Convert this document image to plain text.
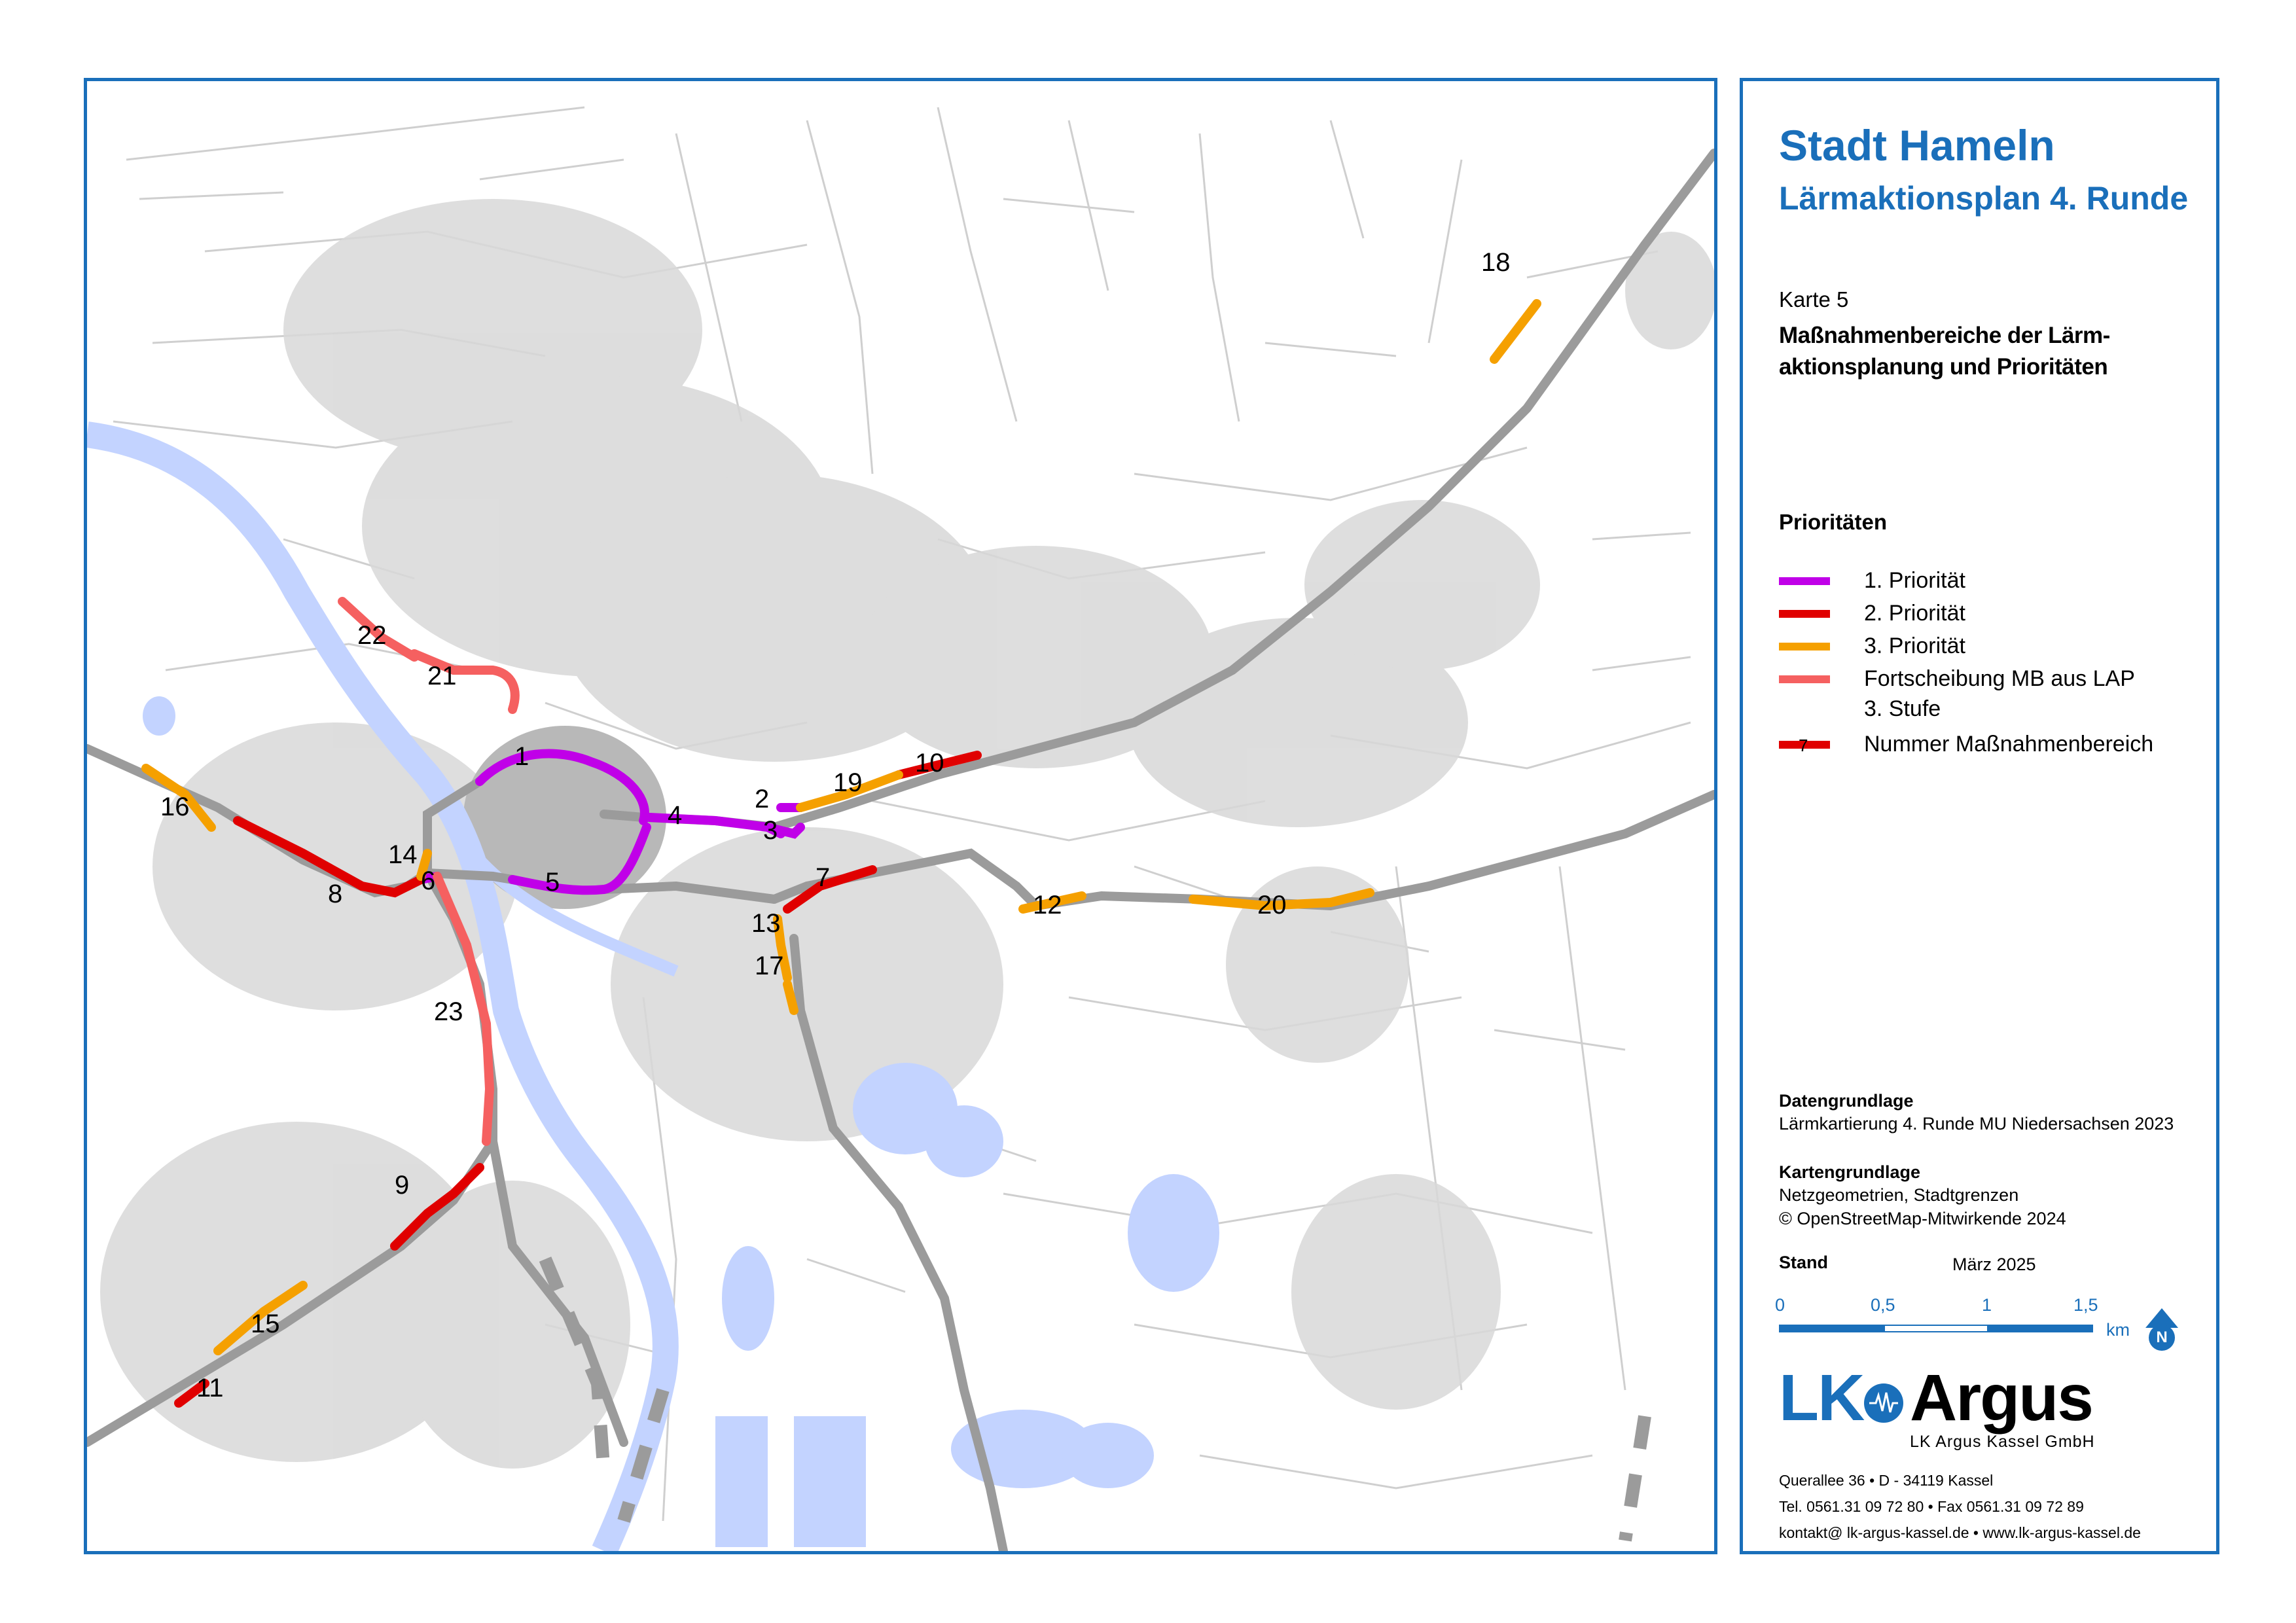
1
2
3
4
5
6	7
8
9
10
11
12
13
14
15
16
17
18
19
20
21
22
23
Stadt Hameln
Lärmaktionsplan 4. Runde
Karte 5
Maßnahmenbereiche der Lärm-aktionsplanung und Prioritäten
Prioritäten
1. Priorität
2. Priorität
3. Priorität
Fortscheibung MB aus LAP
3. Stufe
7	Nummer Maßnahmenbereich
Datengrundlage
Lärmkartierung 4. Runde MU Niedersachsen 2023
Kartengrundlage
Netzgeometrien, Stadtgrenzen
© OpenStreetMap-Mitwirkende 2024
Stand	März 2025
0	0,5	1	1,5
km	N
LK Argus
LK Argus Kassel GmbH
Querallee 36 • D - 34119 Kassel
Tel. 0561.31 09 72 80 • Fax 0561.31 09 72 89
kontakt@ lk-argus-kassel.de • www.lk-argus-kassel.de
